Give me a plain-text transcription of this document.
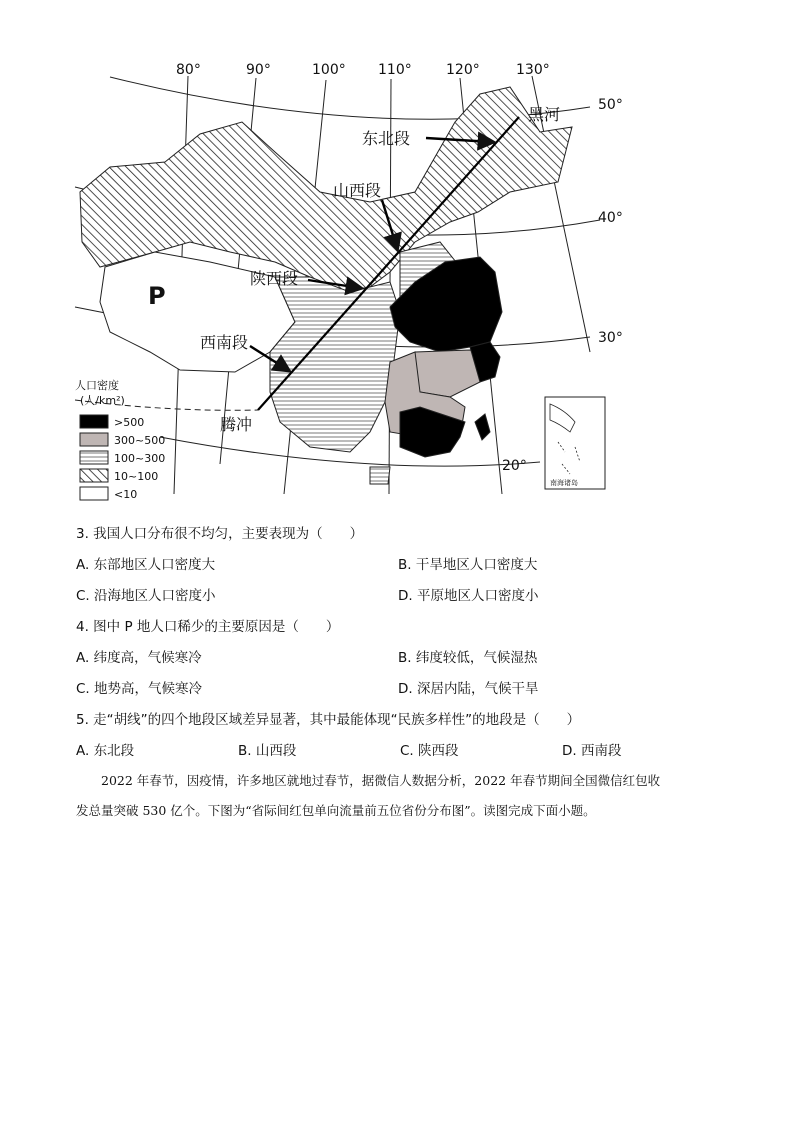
80°	90°	100° 110° 120°	130°
50°
40°
30°
20°
P
东北段
山西段
陕西段
西南段
黑河
腾冲
人口密度
(人/km²)
>500
300~500
100~300
10~100
<10
南海诸岛
3. 我国人口分布很不均匀，主要表现为（　　）
A. 东部地区人口密度大	B. 干旱地区人口密度大
C. 沿海地区人口密度小	D. 平原地区人口密度小
4. 图中 P 地人口稀少的主要原因是（　　）
A. 纬度高，气候寒冷	B. 纬度较低，气候湿热
C. 地势高，气候寒冷	D. 深居内陆，气候干旱
5. 走“胡线”的四个地段区域差异显著，其中最能体现“民族多样性”的地段是（　　）
A. 东北段	B. 山西段	C. 陕西段	D. 西南段
2022 年春节，因疫情，许多地区就地过春节，据微信人数据分析，2022 年春节期间全国微信红包收
发总量突破 530 亿个。下图为“省际间红包单向流量前五位省份分布图”。读图完成下面小题。
